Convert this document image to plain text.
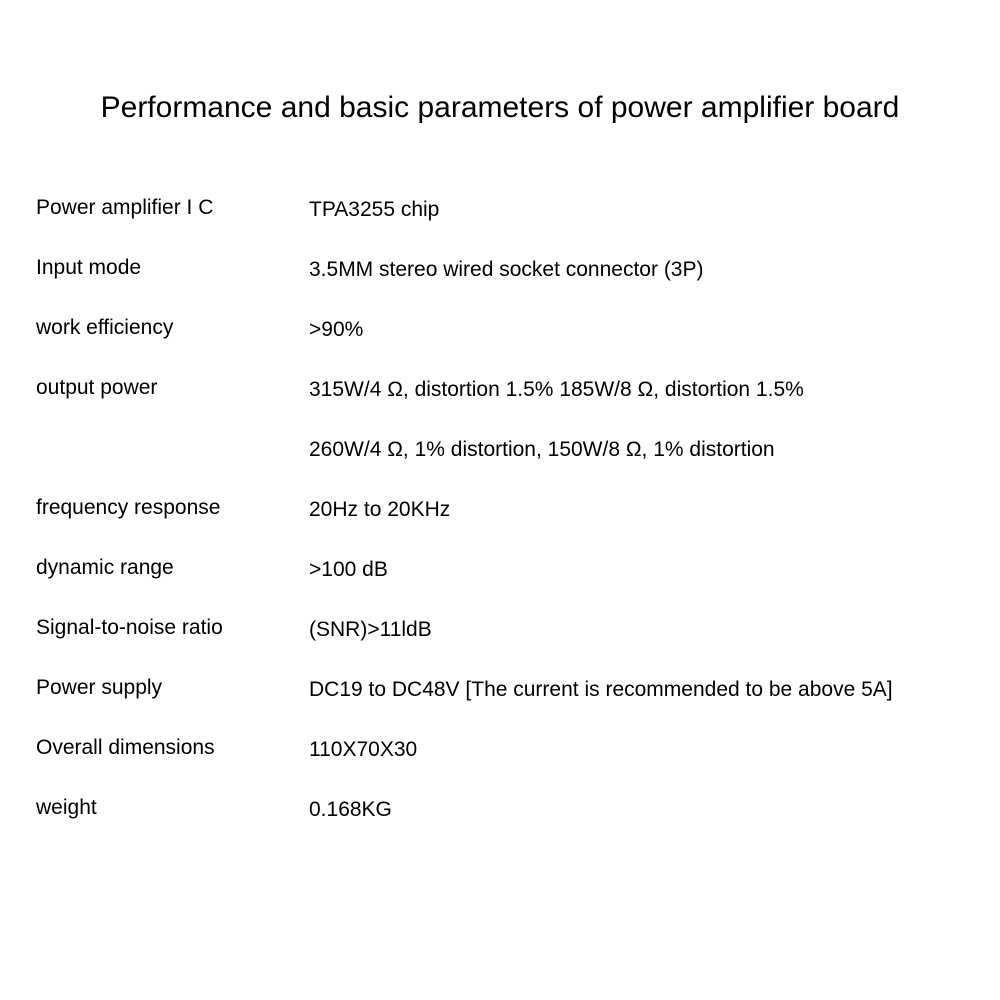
Performance and basic parameters of power amplifier board
Power amplifier I C	TPA3255 chip
Input mode	3.5MM stereo wired socket connector (3P)
work efficiency	>90%
output power	315W/4 Ω, distortion 1.5% 185W/8 Ω, distortion 1.5%
260W/4 Ω, 1% distortion, 150W/8 Ω, 1% distortion
frequency response	20Hz to 20KHz
dynamic range	>100 dB
Signal-to-noise ratio	(SNR)>11ldB
Power supply	DC19 to DC48V [The current is recommended to be above 5A]
Overall dimensions	110X70X30
weight	0.168KG
